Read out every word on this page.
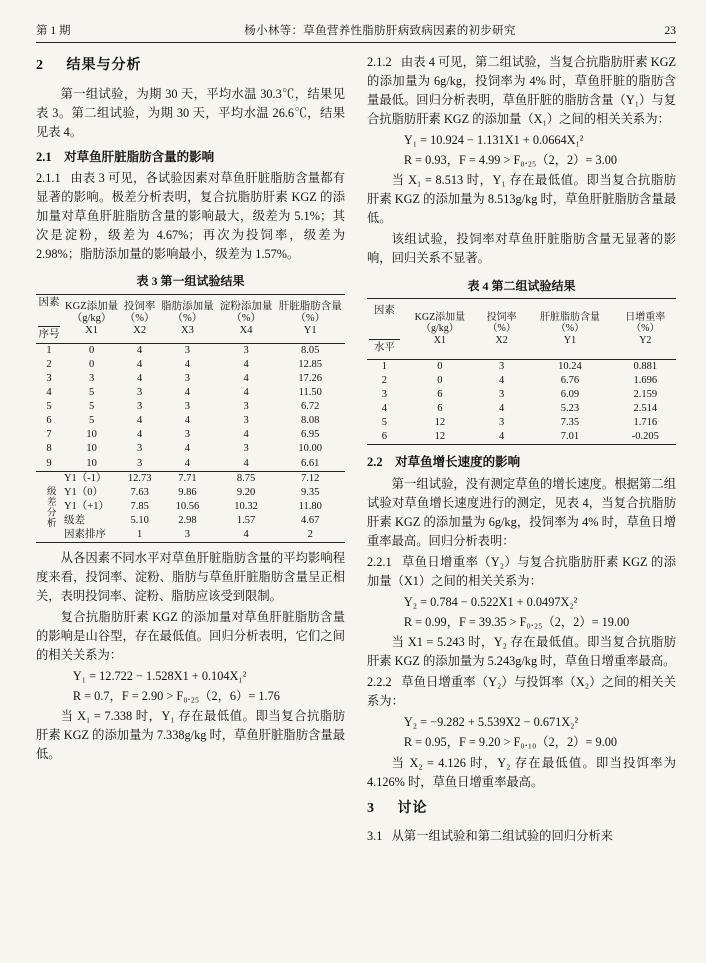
第 1 期	杨小林等：草鱼营养性脂肪肝病致病因素的初步研究	23
2 结果与分析

第一组试验，为期 30 天，平均水温 30.3℃，结果见表 3。第二组试验，为期 30 天，平均水温 26.6℃，结果见表 4。

2.1 对草鱼肝脏脂肪含量的影响

2.1.1 由表 3 可见，各试验因素对草鱼肝脏脂肪含量都有显著的影响。极差分析表明，复合抗脂肪肝素 KGZ 的添加量对草鱼肝脏脂肪含量的影响最大，级差为 5.1%；其次是淀粉，级差为 4.67%；再次为投饲率，级差为 2.98%；脂肪添加量的影响最小，级差为 1.57%。

表 3 第一组试验结果
因素
序号

KGZ添加量
（g/kg）
X1

投饲率
（%）
X2

脂肪添加量
（%）
X3

淀粉添加量
（%）
X4

肝脏脂肪含量
（%）
Y1

1	0	4	3	3	8.05
2	0	4	4	4	12.85
3	3	4	3	4	17.26
4	5	3	4	4	11.50
5	5	3	3	3	6.72
6	5	4	4	3	8.08
7	10	4	3	4	6.95
8	10	3	4	3	10.00
9	10	3	4	4	6.61
级差分析	Y1（-1）	12.73	7.71	8.75	7.12
	Y1（0）	7.63	9.86	9.20	9.35
	Y1（+1）	7.85	10.56	10.32	11.80
	级差	5.10	2.98	1.57	4.67
	因素排序	1	3	4	2

从各因素不同水平对草鱼肝脏脂肪含量的平均影响程度来看，投饲率、淀粉、脂肪与草鱼肝脏脂肪含量呈正相关，表明投饲率、淀粉、脂肪应该受到限制。

复合抗脂肪肝素 KGZ 的添加量对草鱼肝脏脂肪含量的影响是山谷型，存在最低值。回归分析表明，它们之间的相关关系为：

Y₁ = 12.722 − 1.528X1 + 0.104X₁²

R = 0.7，F = 2.90 > F₀.₂₅（2，6）= 1.76

当 X₁ = 7.338 时，Y₁ 存在最低值。即当复合抗脂肪肝素 KGZ 的添加量为 7.338g/kg 时，草鱼肝脏脂肪含量最低。

2.1.2 由表 4 可见，第二组试验，当复合抗脂肪肝素 KGZ 的添加量为 6g/kg，投饲率为 4% 时，草鱼肝脏的脂肪含量最低。回归分析表明，草鱼肝脏的脂肪含量（Y₁）与复合抗脂肪肝素 KGZ 的添加量（X₁）之间的相关关系为：

Y₁ = 10.924 − 1.131X1 + 0.0664X₁²

R = 0.93，F = 4.99 > F₀.₂₅（2，2）= 3.00

当 X₁ = 8.513 时，Y₁ 存在最低值。即当复合抗脂肪肝素 KGZ 的添加量为 8.513g/kg 时，草鱼肝脏脂肪含量最低。

该组试验，投饲率对草鱼肝脏脂肪含量无显著的影响，回归关系不显著。

表 4 第二组试验结果
因素
水平

KGZ添加量
（g/kg）
X1

投饲率
（%）
X2

肝脏脂肪含量
（%）
Y1

日增重率
（%）
Y2

1	0	3	10.24	0.881
2	0	4	6.76	1.696
3	6	3	6.09	2.159
4	6	4	5.23	2.514
5	12	3	7.35	1.716
6	12	4	7.01	-0.205
2.2 对草鱼增长速度的影响

第一组试验，没有测定草鱼的增长速度。根据第二组试验对草鱼增长速度进行的测定，见表 4，当复合抗脂肪肝素 KGZ 的添加量为 6g/kg，投饲率为 4% 时，草鱼日增重率最高。回归分析表明：

2.2.1 草鱼日增重率（Y₂）与复合抗脂肪肝素 KGZ 的添加量（X1）之间的相关关系为：

Y₂ = 0.784 − 0.522X1 + 0.0497X₂²

R = 0.99，F = 39.35 > F₀.₂₅（2，2）= 19.00

当 X1 = 5.243 时，Y₂ 存在最低值。即当复合抗脂肪肝素 KGZ 的添加量为 5.243g/kg 时，草鱼日增重率最高。

2.2.2 草鱼日增重率（Y₂）与投饵率（X₂）之间的相关关系为：

Y₂ = −9.282 + 5.539X2 − 0.671X₂²

R = 0.95，F = 9.20 > F₀.₁₀（2，2）= 9.00

当 X₂ = 4.126 时，Y₂ 存在最低值。即当投饵率为 4.126% 时，草鱼日增重率最高。

3 讨论

3.1 从第一组试验和第二组试验的回归分析来
